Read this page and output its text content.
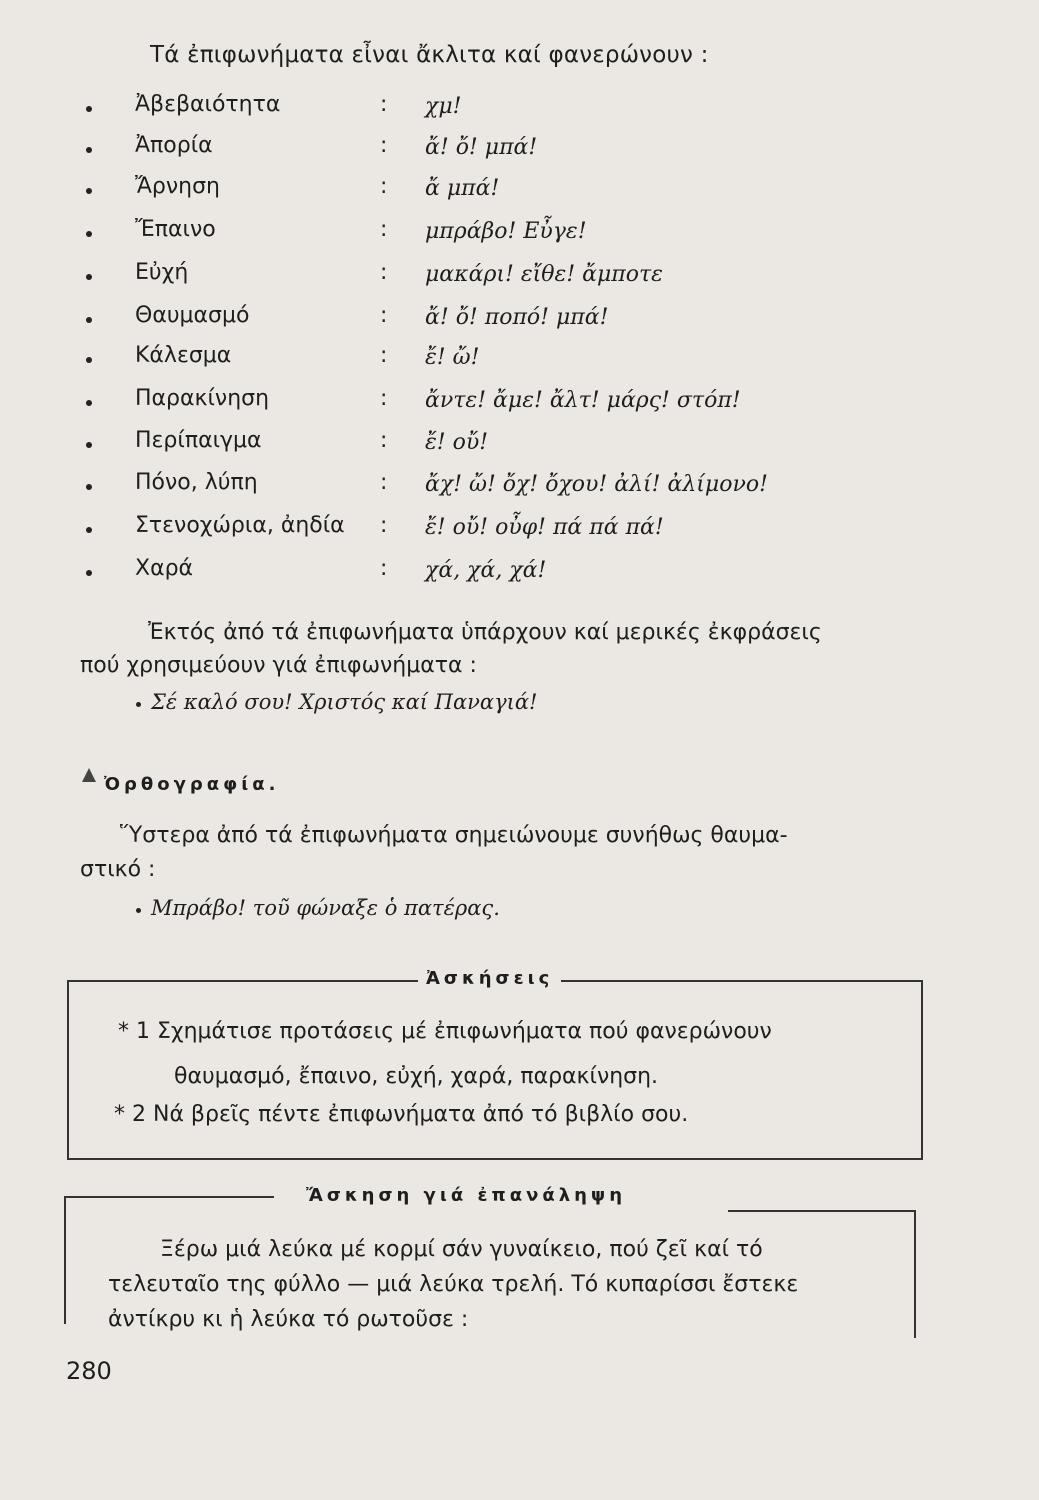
Τά ἐπιφωνήματα εἶναι ἄκλιτα καί φανερώνουν :
Ἀβεβαιότητα	: χμ!
Ἀπορία	: ἄ! ὄ! μπά!
Ἄρνηση	: ἄ μπά!
Ἔπαινο	: μπράβο! Εὖγε!
Εὐχή	: μακάρι! εἴθε! ἄμποτε
Θαυμασμό	: ἄ! ὄ! ποπό! μπά!
Κάλεσμα	: ἔ! ὤ!
Παρακίνηση	: ἄντε! ἄμε! ἄλτ! μάρς! στόπ!
Περίπαιγμα	: ἔ! οὔ!
Πόνο, λύπη	: ἄχ! ὤ! ὄχ! ὄχου! ἀλί! ἀλίμονο!
Στενοχώρια, ἀηδία : ἔ! οὔ! οὖφ! πά πά πά!
Χαρά	: χά, χά, χά!
Ἐκτός ἀπό τά ἐπιφωνήματα ὑπάρχουν καί μερικές ἐκφράσεις
πού χρησιμεύουν γιά ἐπιφωνήματα :
Σέ καλό σου! Χριστός καί Παναγιά!
Ὀρθογραφία.
Ὕστερα ἀπό τά ἐπιφωνήματα σημειώνουμε συνήθως θαυμα-
στικό :
Μπράβο! τοῦ φώναξε ὁ πατέρας.
Ἀσκήσεις
* 1 Σχημάτισε προτάσεις μέ ἐπιφωνήματα πού φανερώνουν
θαυμασμό, ἔπαινο, εὐχή, χαρά, παρακίνηση.
* 2 Νά βρεῖς πέντε ἐπιφωνήματα ἀπό τό βιβλίο σου.
Ἄσκηση γιά ἐπανάληψη
Ξέρω μιά λεύκα μέ κορμί σάν γυναίκειο, πού ζεῖ καί τό
τελευταῖο της φύλλο — μιά λεύκα τρελή. Τό κυπαρίσσι ἔστεκε
ἀντίκρυ κι ἡ λεύκα τό ρωτοῦσε :
280
